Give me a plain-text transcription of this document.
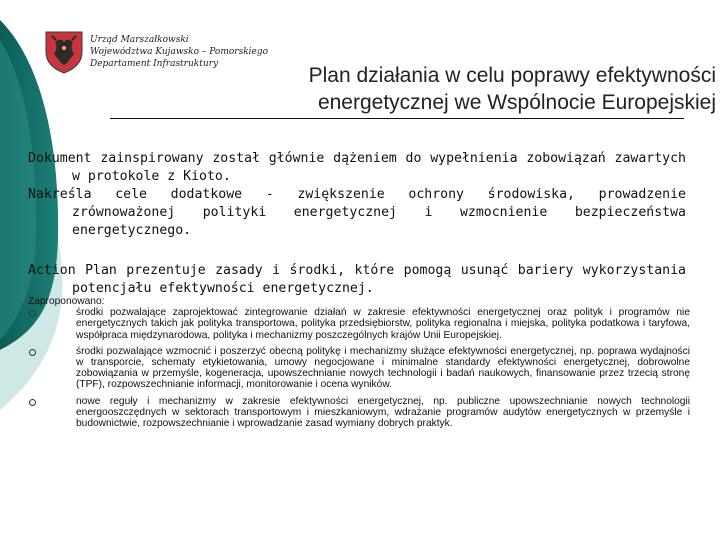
Urząd Marszałkowski
Województwa Kujawsko – Pomorskiego
Departament Infrastruktury	Plan działania w celu poprawy efektywności
energetycznej we Wspólnocie Europejskiej
Dokument zainspirowany został głównie dążeniem do wypełnienia zobowiązań zawartych w protokole z Kioto.
Nakreśla cele dodatkowe - zwiększenie ochrony środowiska, prowadzenie zrównoważonej polityki energetycznej i wzmocnienie bezpieczeństwa energetycznego.
Action Plan prezentuje zasady i środki, które pomogą usunąć bariery wykorzystania potencjału efektywności energetycznej.
Zaproponowano:
środki pozwalające zaprojektować zintegrowanie działań w zakresie efektywności energetycznej oraz polityk i programów nie energetycznych takich jak polityka transportowa, polityka przedsiębiorstw, polityka regionalna i miejska, polityka podatkowa i taryfowa, współpraca międzynarodowa, polityka i mechanizmy poszczególnych krajów Unii Europejskiej.
środki pozwalające wzmocnić i poszerzyć obecną politykę i mechanizmy służące efektywności energetycznej, np. poprawa wydajności w transporcie, schematy etykietowania, umowy negocjowane i minimalne standardy efektywności energetycznej, dobrowolne zobowiązania w przemyśle, kogeneracja, upowszechnianie nowych technologii i badań naukowych, finansowanie przez trzecią stronę (TPF), rozpowszechnianie informacji, monitorowanie i ocena wyników.
nowe reguły i mechanizmy w zakresie efektywności energetycznej, np. publiczne upowszechnianie nowych technologii energooszczędnych w sektorach transportowym i mieszkaniowym, wdrażanie programów audytów energetycznych w przemyśle i budownictwie, rozpowszechnianie i wprowadzanie zasad wymiany dobrych praktyk.
